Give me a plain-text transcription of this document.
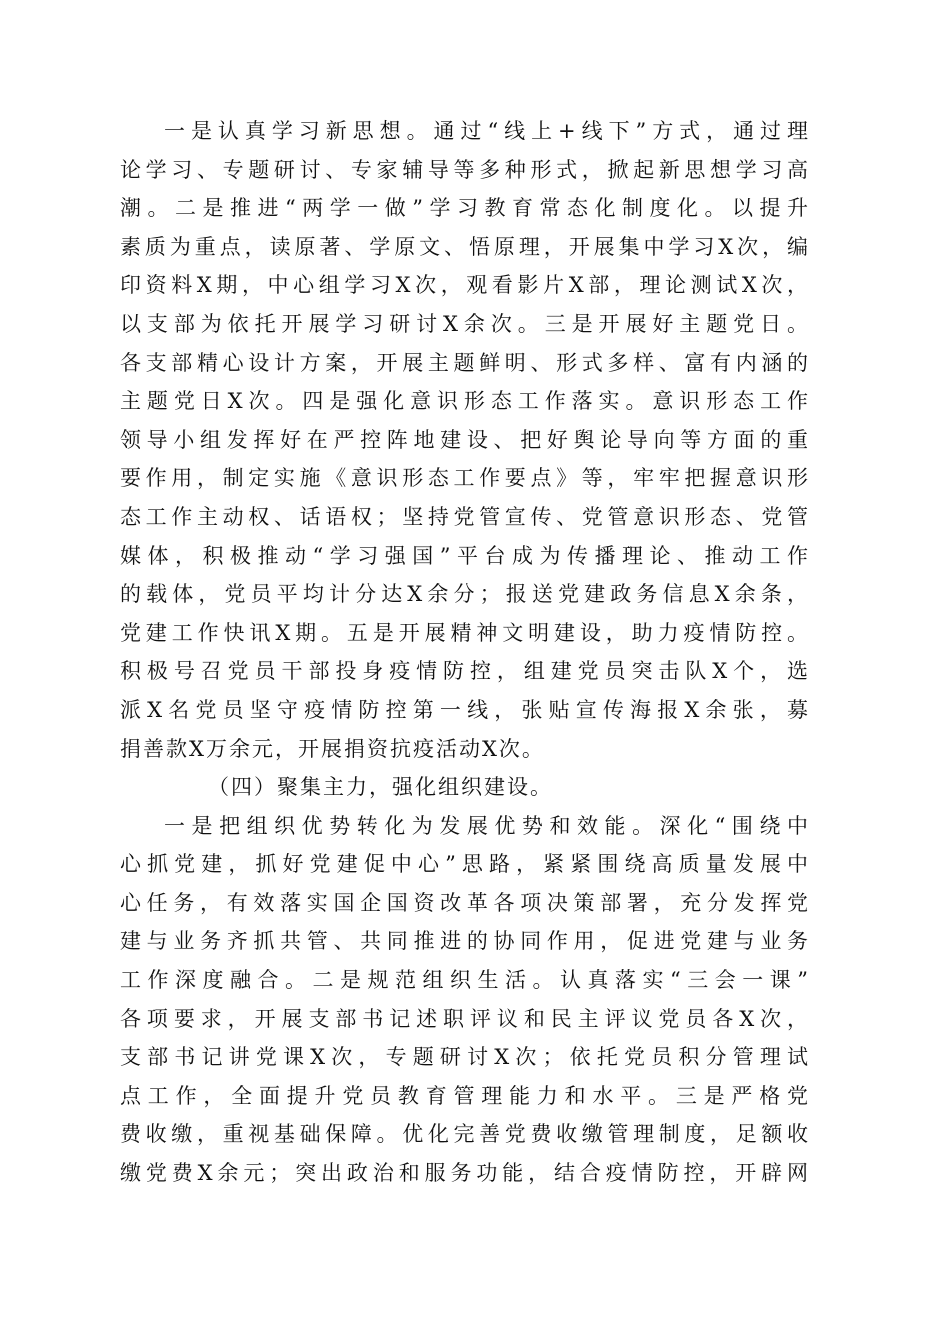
一是认真学习新思想。通过“线上+线下”方式，通过理
论学习、专题研讨、专家辅导等多种形式，掀起新思想学习高
潮。二是推进“两学一做”学习教育常态化制度化。以提升
素质为重点，读原著、学原文、悟原理，开展集中学习X次，编
印资料X期，中心组学习X次，观看影片X部，理论测试X次，
以支部为依托开展学习研讨X余次。三是开展好主题党日。
各支部精心设计方案，开展主题鲜明、形式多样、富有内涵的
主题党日X次。四是强化意识形态工作落实。意识形态工作
领导小组发挥好在严控阵地建设、把好舆论导向等方面的重
要作用，制定实施《意识形态工作要点》等，牢牢把握意识形
态工作主动权、话语权；坚持党管宣传、党管意识形态、党管
媒体，积极推动“学习强国”平台成为传播理论、推动工作
的载体，党员平均计分达X余分；报送党建政务信息X余条，
党建工作快讯X期。五是开展精神文明建设，助力疫情防控。
积极号召党员干部投身疫情防控，组建党员突击队X个，选
派X名党员坚守疫情防控第一线，张贴宣传海报X余张，募
捐善款X万余元，开展捐资抗疫活动X次。
（四）聚集主力，强化组织建设。
一是把组织优势转化为发展优势和效能。深化“围绕中
心抓党建，抓好党建促中心”思路，紧紧围绕高质量发展中
心任务，有效落实国企国资改革各项决策部署，充分发挥党
建与业务齐抓共管、共同推进的协同作用，促进党建与业务
工作深度融合。二是规范组织生活。认真落实“三会一课”
各项要求，开展支部书记述职评议和民主评议党员各X次，
支部书记讲党课X次，专题研讨X次；依托党员积分管理试
点工作，全面提升党员教育管理能力和水平。三是严格党
费收缴，重视基础保障。优化完善党费收缴管理制度，足额收
缴党费X余元；突出政治和服务功能，结合疫情防控，开辟网
